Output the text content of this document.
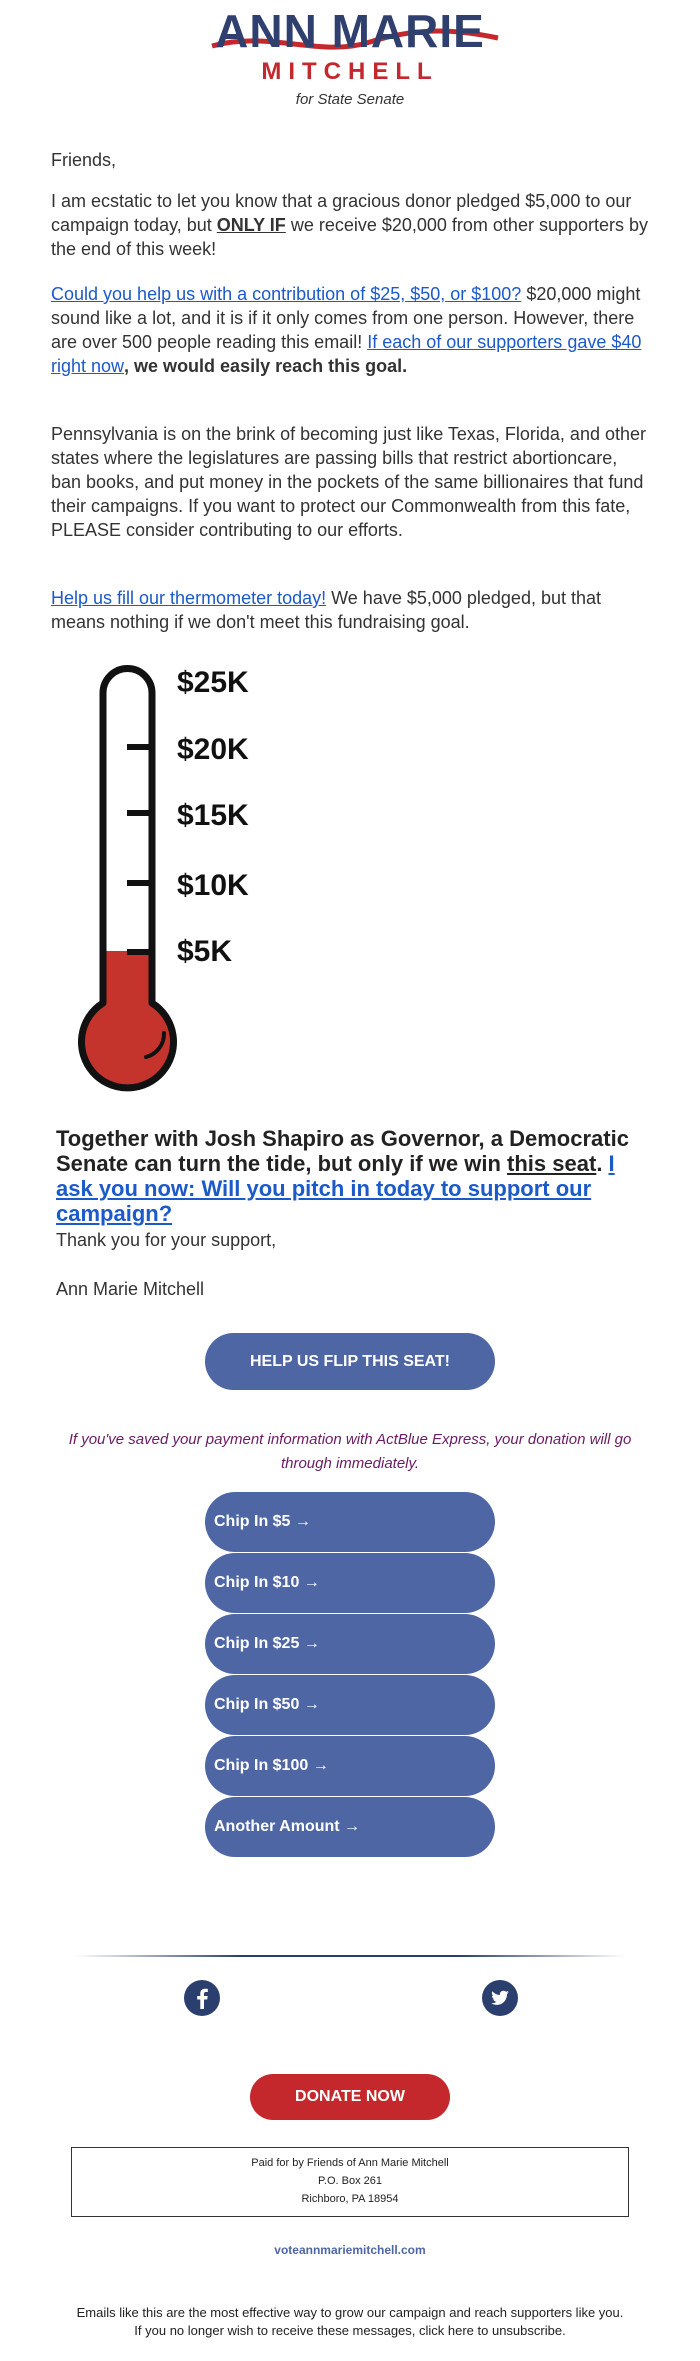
ANN MARIE
MITCHELL
for State Senate
Friends,
I am ecstatic to let you know that a gracious donor pledged $5,000 to our campaign today, but ONLY IF we receive $20,000 from other supporters by the end of this week!
Could you help us with a contribution of $25, $50, or $100? $20,000 might sound like a lot, and it is if it only comes from one person. However, there are over 500 people reading this email! If each of our supporters gave $40 right now, we would easily reach this goal.
Pennsylvania is on the brink of becoming just like Texas, Florida, and other states where the legislatures are passing bills that restrict abortioncare, ban books, and put money in the pockets of the same billionaires that fund their campaigns. If you want to protect our Commonwealth from this fate, PLEASE consider contributing to our efforts.
Help us fill our thermometer today! We have $5,000 pledged, but that means nothing if we don't meet this fundraising goal.
$25K
$20K
$15K
$10K
$5K
Together with Josh Shapiro as Governor, a Democratic Senate can turn the tide, but only if we win this seat. I ask you now: Will you pitch in today to support our campaign?
Thank you for your support,
Ann Marie Mitchell
HELP US FLIP THIS SEAT!
If you've saved your payment information with ActBlue Express, your donation will go through immediately.
Chip In $5 →
Chip In $10 →
Chip In $25 →
Chip In $50 →
Chip In $100 →
Another Amount →
DONATE NOW
Paid for by Friends of Ann Marie Mitchell
P.O. Box 261
Richboro, PA 18954
voteannmariemitchell.com
Emails like this are the most effective way to grow our campaign and reach supporters like you.
If you no longer wish to receive these messages, click here to unsubscribe.
